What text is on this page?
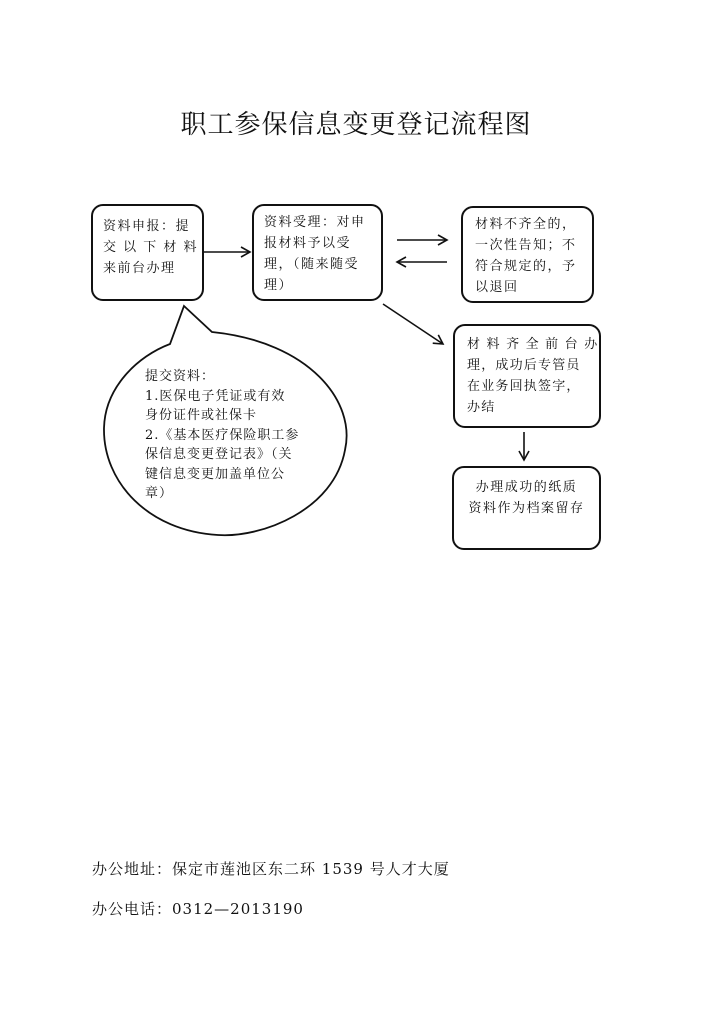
职工参保信息变更登记流程图
资料申报：提
交 以 下 材 料
来前台办理
资料受理：对申
报材料予以受
理，（随来随受
理）
材料不齐全的，
一次性告知；不
符合规定的，予
以退回
材 料 齐 全 前 台 办
理，成功后专管员
在业务回执签字，
办结
办理成功的纸质
资料作为档案留存
提交资料：
1.医保电子凭证或有效
身份证件或社保卡
2.《基本医疗保险职工参
保信息变更登记表》（关
键信息变更加盖单位公
章）
办公地址：保定市莲池区东二环 1539 号人才大厦
办公电话：0312—2013190
